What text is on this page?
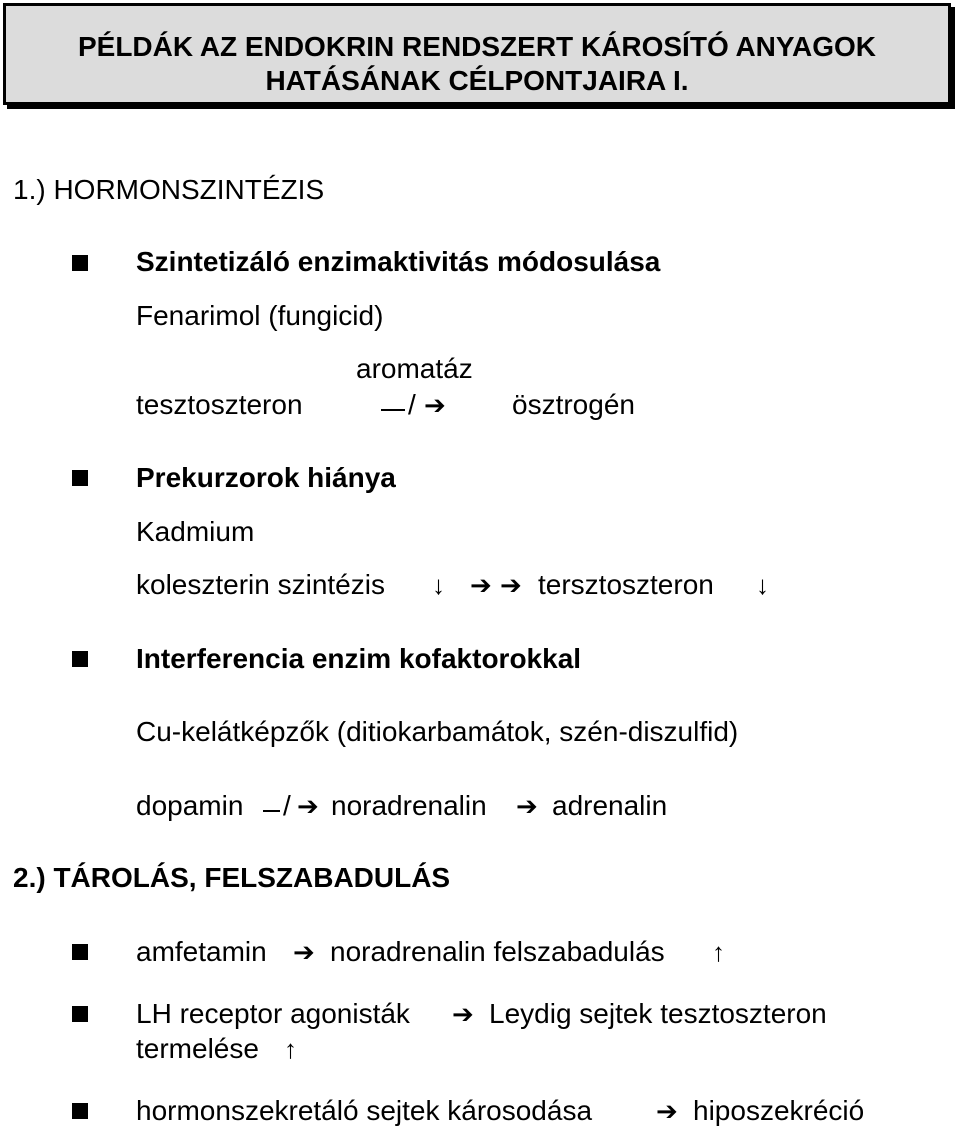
PÉLDÁK AZ ENDOKRIN RENDSZERT KÁROSÍTÓ ANYAGOK
HATÁSÁNAK CÉLPONTJAIRA I.
1.) HORMONSZINTÉZIS
Szintetizáló enzimaktivitás módosulása
Fenarimol (fungicid)
aromatáz
tesztoszteron	/ ➔ ösztrogén
Prekurzorok hiánya
Kadmium
koleszterin szintézis ↓ ➔ ➔ tersztoszteron ↓
Interferencia enzim kofaktorokkal
Cu-kelátképzők (ditiokarbamátok, szén-diszulfid)
dopamin / ➔ noradrenalin ➔ adrenalin
2.) TÁROLÁS, FELSZABADULÁS
amfetamin ➔ noradrenalin felszabadulás ↑
LH receptor agonisták ➔ Leydig sejtek tesztoszteron
termelése ↑
hormonszekretáló sejtek károsodása ➔ hiposzekréció
